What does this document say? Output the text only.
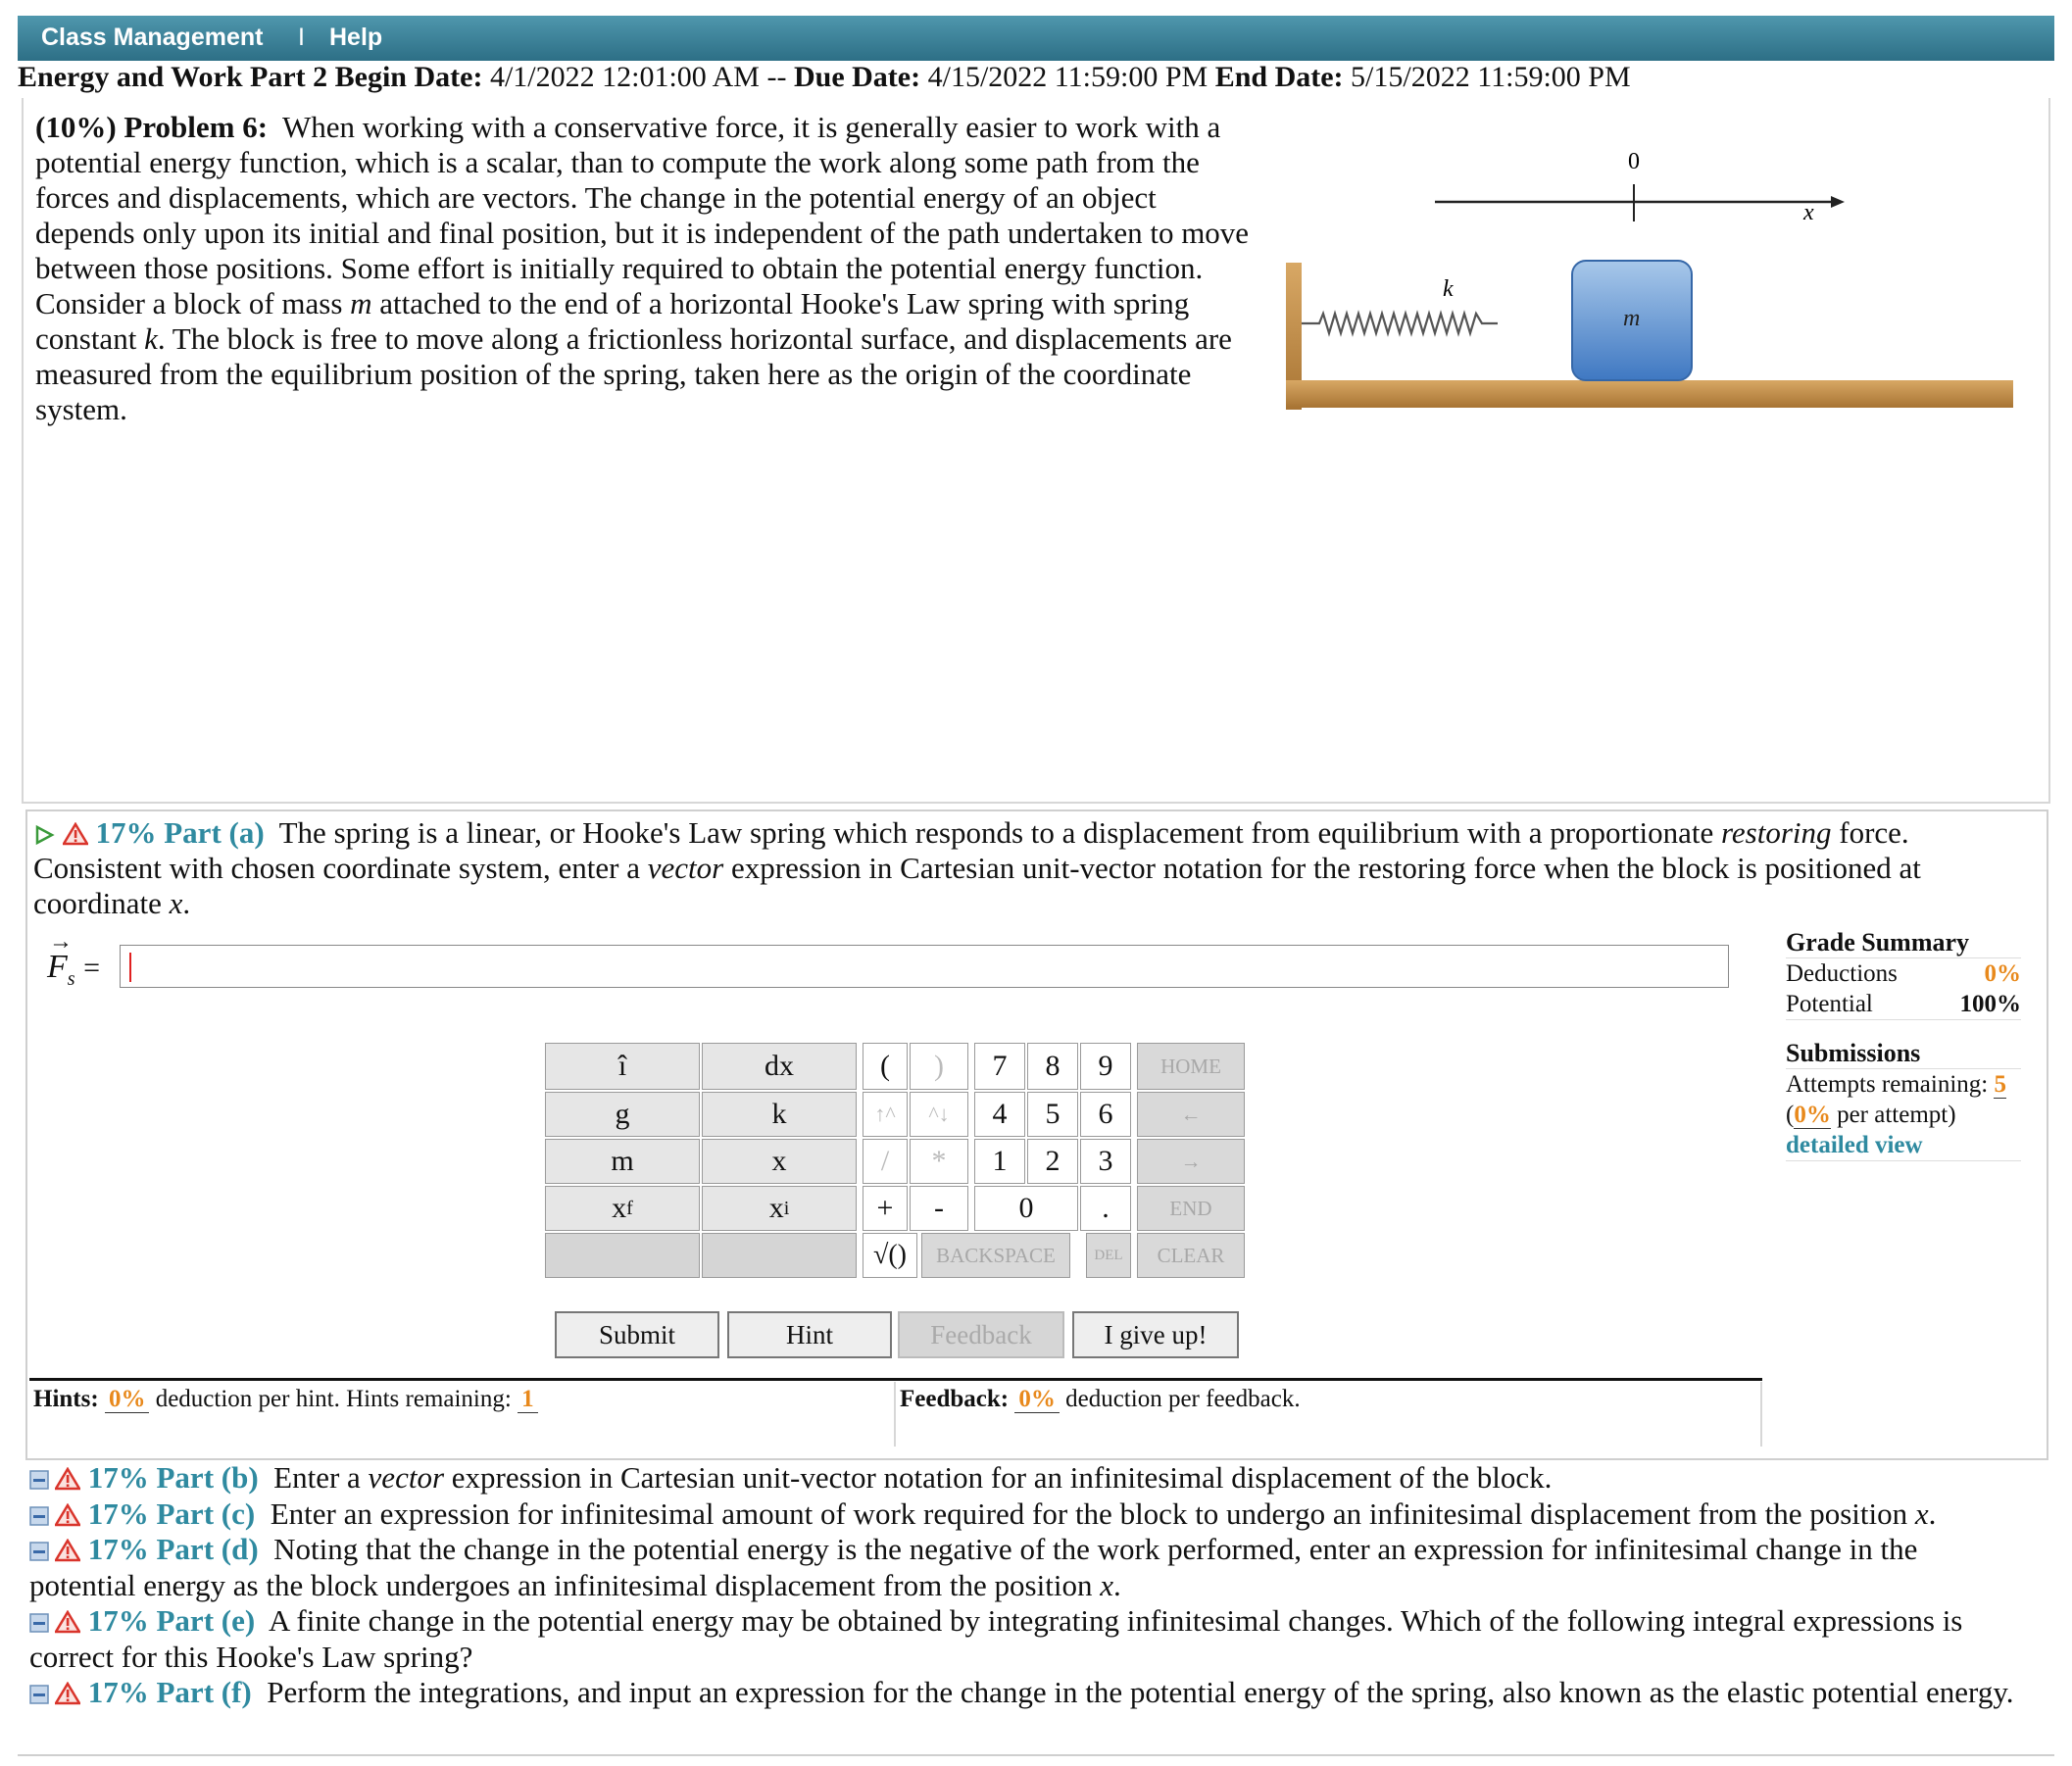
Class Management I Help
Energy and Work Part 2 Begin Date: 4/1/2022 12:01:00 AM -- Due Date: 4/15/2022 11:59:00 PM End Date: 5/15/2022 11:59:00 PM
(10%) Problem 6: When working with a conservative force, it is generally easier to work with a potential energy function, which is a scalar, than to compute the work along some path from the forces and displacements, which are vectors. The change in the potential energy of an object depends only upon its initial and final position, but it is independent of the path undertaken to move between those positions. Some effort is initially required to obtain the potential energy function. Consider a block of mass m attached to the end of a horizontal Hooke's Law spring with spring constant k. The block is free to move along a frictionless horizontal surface, and displacements are measured from the equilibrium position of the spring, taken here as the origin of the coordinate system.
0
x
k
m
17% Part (a) The spring is a linear, or Hooke's Law spring which responds to a displacement from equilibrium with a proportionate restoring force. Consistent with chosen coordinate system, enter a vector expression in Cartesian unit-vector notation for the restoring force when the block is positioned at coordinate x.
→
$F_s$ =
î	dx
g	k
m	x
x f	x i
(	)	7	8	9	HOME
↑^	^↓	4	5	6	←
/	*	1	2	3	→
+	-	0	.	END
√()	BACKSPACE	DEL	CLEAR
Submit	Hint	Feedback	I give up!
Hints: 0% deduction per hint. Hints remaining: 1	Feedback: 0% deduction per feedback.
Grade Summary
Deductions	0%
Potential	100%
Submissions
Attempts remaining: 5
(0% per attempt)
detailed view
17% Part (b) Enter a vector expression in Cartesian unit-vector notation for an infinitesimal displacement of the block.
17% Part (c) Enter an expression for infinitesimal amount of work required for the block to undergo an infinitesimal displacement from the position x.
17% Part (d) Noting that the change in the potential energy is the negative of the work performed, enter an expression for infinitesimal change in the potential energy as the block undergoes an infinitesimal displacement from the position x.
17% Part (e) A finite change in the potential energy may be obtained by integrating infinitesimal changes. Which of the following integral expressions is correct for this Hooke's Law spring?
17% Part (f) Perform the integrations, and input an expression for the change in the potential energy of the spring, also known as the elastic potential energy.
